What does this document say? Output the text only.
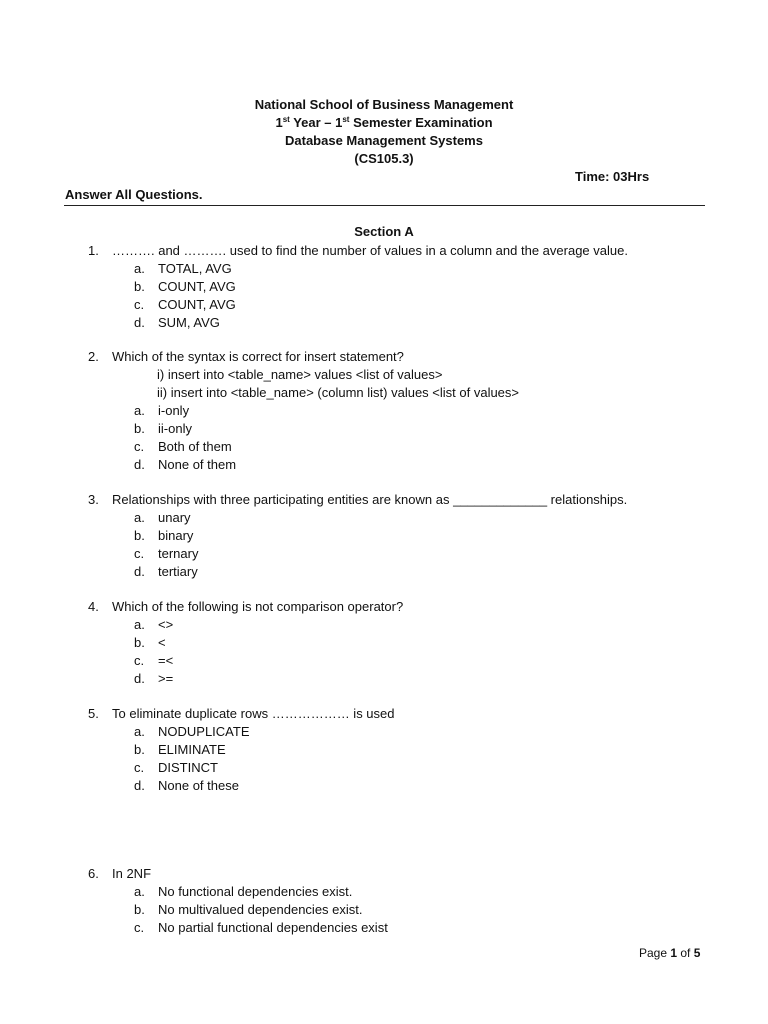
National School of Business Management
1st Year – 1st Semester Examination
Database Management Systems
(CS105.3)
Time: 03Hrs
Answer All Questions.
Section A
1. ………. and ………. used to find the number of values in a column and the average value.
a. TOTAL, AVG
b. COUNT, AVG
c. COUNT, AVG
d. SUM, AVG
2. Which of the syntax is correct for insert statement?
i) insert into <table_name> values <list of values>
ii) insert into <table_name> (column list) values <list of values>
a. i-only
b. ii-only
c. Both of them
d. None of them
3. Relationships with three participating entities are known as _____________ relationships.
a. unary
b. binary
c. ternary
d. tertiary
4. Which of the following is not comparison operator?
a. <>
b. <
c. =<
d. >=
5. To eliminate duplicate rows ……………… is used
a. NODUPLICATE
b. ELIMINATE
c. DISTINCT
d. None of these
6. In 2NF
a. No functional dependencies exist.
b. No multivalued dependencies exist.
c. No partial functional dependencies exist
Page 1 of 5
